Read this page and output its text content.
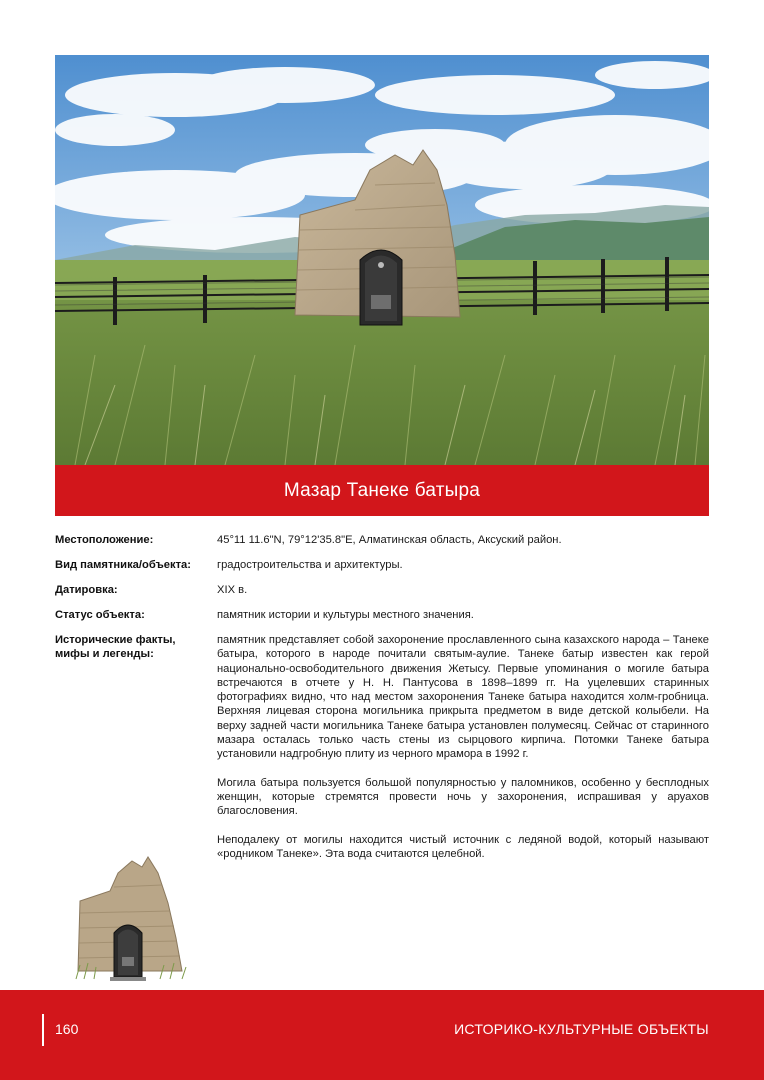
Мазар Танеке батыра
Местоположение:	45°11 11.6"N, 79°12'35.8"E, Алматинская область, Аксуский район.
Вид памятника/объекта:	градостроительства и архитектуры.
Датировка:	XIX в.
Статус объекта:	памятник истории и культуры местного значения.
Исторические факты, мифы и легенды:

памятник представляет собой захоронение прославленного сына казахского народа – Танеке батыра, которого в народе почитали святым-аулие. Танеке батыр известен как герой национально-освободительного движения Жетысу. Первые упоминания о могиле батыра встречаются в отчете у Н. Н. Пантусова в 1898–1899 гг. На уцелевших старинных фотографиях видно, что над местом захоронения Танеке батыра находится холм-гробница. Верхняя лицевая сторона могильника прикрыта предметом в виде детской колыбели. На верху задней части могильника Танеке батыра установлен полумесяц. Сейчас от старинного мазара осталась только часть стены из сырцового кирпича. Потомки Танеке батыра установили надгробную плиту из черного мрамора в 1992 г.

Могила батыра пользуется большой популярностью у паломников, особенно у бесплодных женщин, которые стремятся провести ночь у захоронения, испрашивая у аруахов благословения.

Неподалеку от могилы находится чистый источник с ледяной водой, который называют «родником Танеке». Эта вода считаются целебной.

160	ИСТОРИКО-КУЛЬТУРНЫЕ ОБЪЕКТЫ
